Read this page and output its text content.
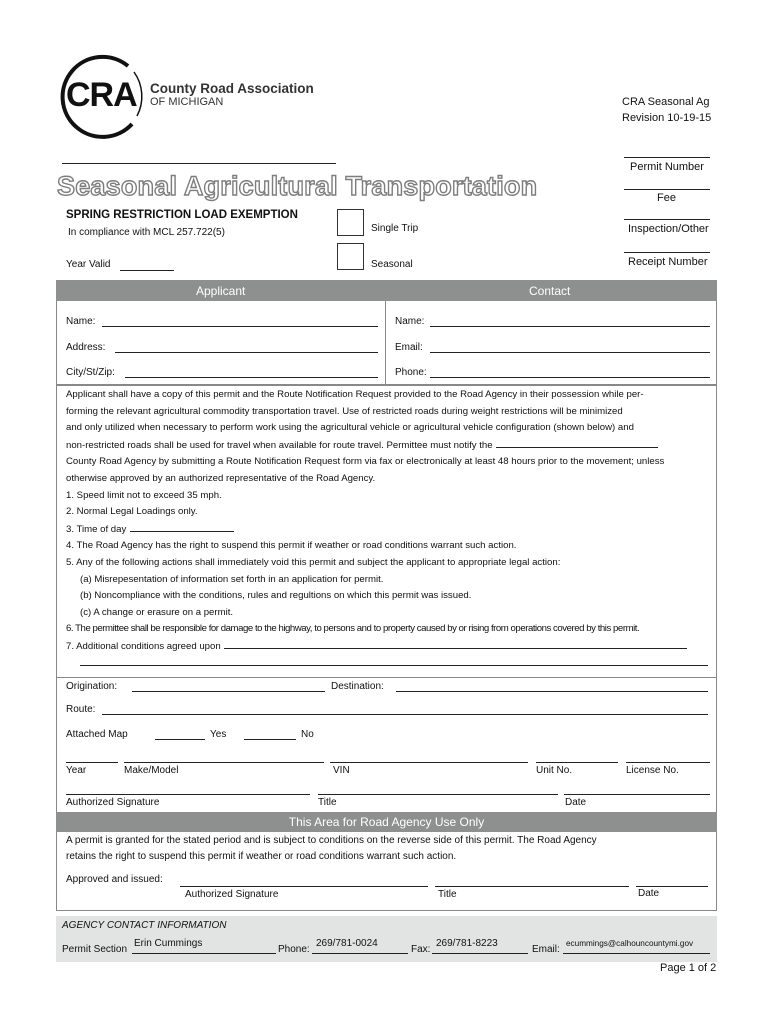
CRA County Road Association
OF MICHIGAN	CRA Seasonal Ag
Revision 10-19-15
Permit Number
Fee
Inspection/Other
Receipt Number
Seasonal Agricultural Transportation
SPRING RESTRICTION LOAD EXEMPTION
In compliance with MCL 257.722(5)
Year Valid
Single Trip
Seasonal
Applicant	Contact
Name:
Address:
City/St/Zip:
Name:
Email:
Phone:
Applicant shall have a copy of this permit and the Route Notification Request provided to the Road Agency in their possession while per-
forming the relevant agricultural commodity transportation travel. Use of restricted roads during weight restrictions will be minimized
and only utilized when necessary to perform work using the agricultural vehicle or agricultural vehicle configuration (shown below) and
non-restricted roads shall be used for travel when available for route travel. Permittee must notify the
County Road Agency by submitting a Route Notification Request form via fax or electronically at least 48 hours prior to the movement; unless
otherwise approved by an authorized representative of the Road Agency.
1. Speed limit not to exceed 35 mph.
2. Normal Legal Loadings only.
3. Time of day
4. The Road Agency has the right to suspend this permit if weather or road conditions warrant such action.
5. Any of the following actions shall immediately void this permit and subject the applicant to appropriate legal action:
(a) Misrepesentation of information set forth in an application for permit.
(b) Noncompliance with the conditions, rules and regultions on which this permit was issued.
(c) A change or erasure on a permit.
6. The permittee shall be responsible for damage to the highway, to persons and to property caused by or rising from operations covered by this permit.
7. Additional conditions agreed upon
Origination:	Destination:
Route:
Attached Map	Yes	No
Year	Make/Model	VIN	Unit No.	License No.
Authorized Signature	Title	Date
This Area for Road Agency Use Only
A permit is granted for the stated period and is subject to conditions on the reverse side of this permit. The Road Agency
retains the right to suspend this permit if weather or road conditions warrant such action.
Approved and issued:
Authorized Signature	Title	Date
AGENCY CONTACT INFORMATION
Permit Section
Erin Cummings
Phone:
269/781-0024
Fax:
269/781-8223
Email:
ecummings@calhouncountymi.gov
Page 1 of 2
